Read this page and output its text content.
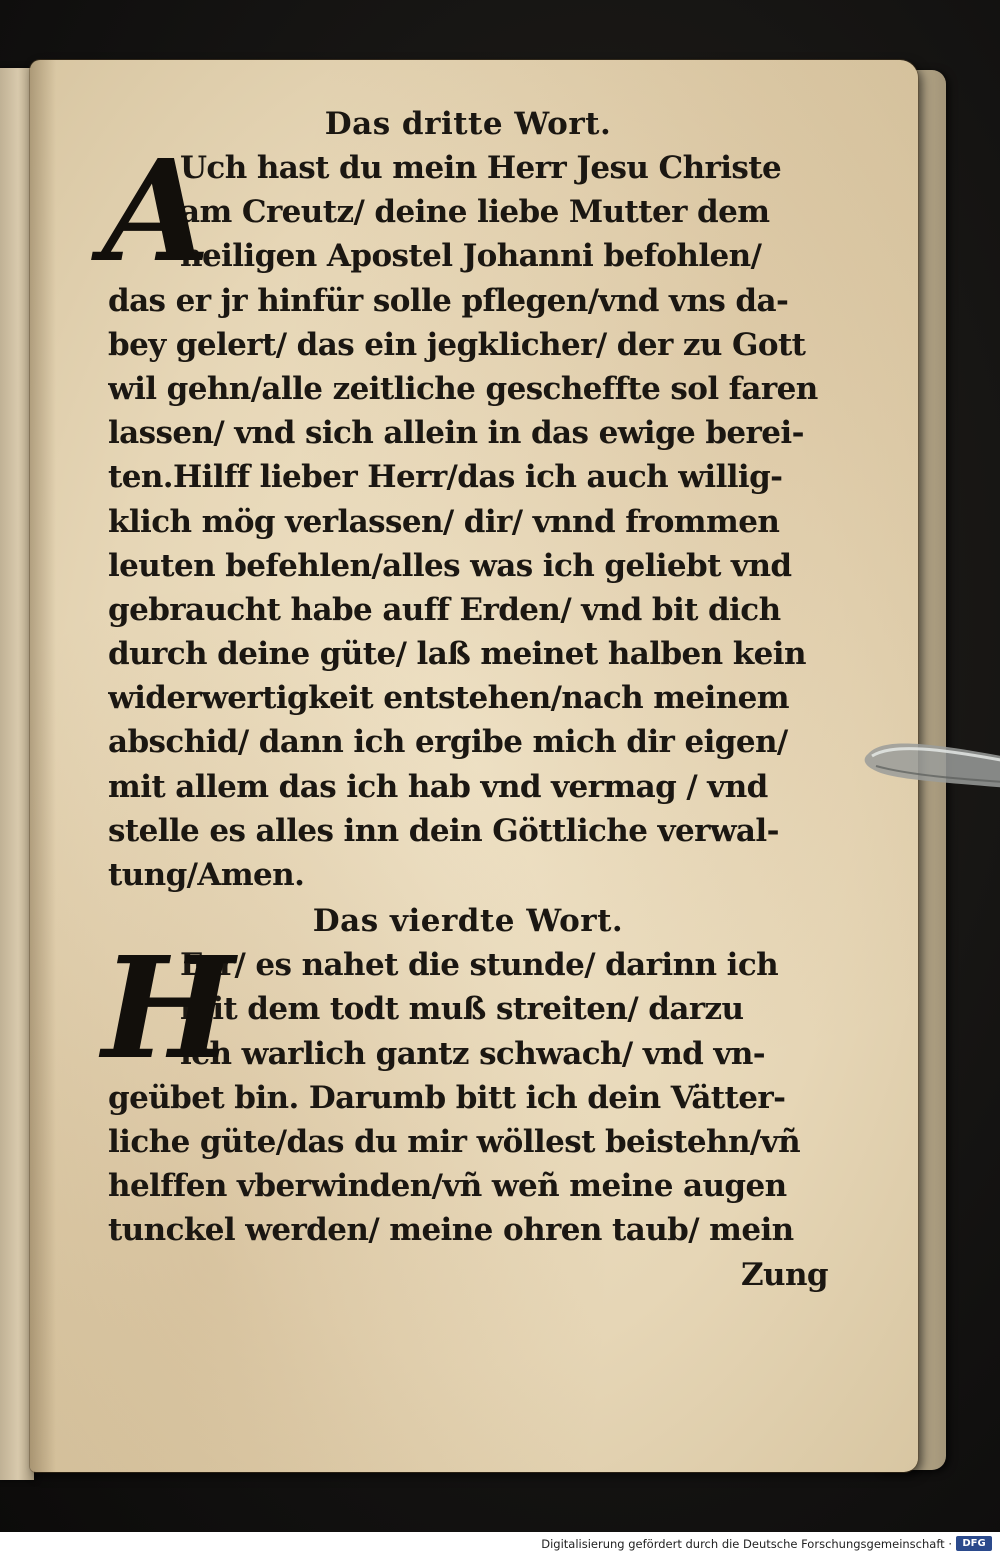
Das dritte Wort.
A
Uch hast du mein Herr Jesu Christe
am Creutz/ deine liebe Mutter dem
heiligen Apostel Johanni befohlen/
das er jr hinfür solle pflegen/vnd vns da-
bey gelert/ das ein jegklicher/ der zu Gott
wil gehn/alle zeitliche gescheffte sol faren
lassen/ vnd sich allein in das ewige berei-
ten.Hilff lieber Herr/das ich auch willig-
klich mög verlassen/ dir/ vnnd frommen
leuten befehlen/alles was ich geliebt vnd
gebraucht habe auff Erden/ vnd bit dich
durch deine güte/ laß meinet halben kein
widerwertigkeit entstehen/nach meinem
abschid/ dann ich ergibe mich dir eigen/
mit allem das ich hab vnd vermag / vnd
stelle es alles inn dein Göttliche verwal-
tung/Amen.
Das vierdte Wort.
H
Err/ es nahet die stunde/ darinn ich
mit dem todt muß streiten/ darzu
ich warlich gantz schwach/ vnd vn-
geübet bin. Darumb bitt ich dein Vätter-
liche güte/das du mir wöllest beistehn/vñ
helffen vberwinden/vñ weñ meine augen
tunckel werden/ meine ohren taub/ mein
Zung
Digitalisierung gefördert durch die Deutsche Forschungsgemeinschaft ·	DFG
